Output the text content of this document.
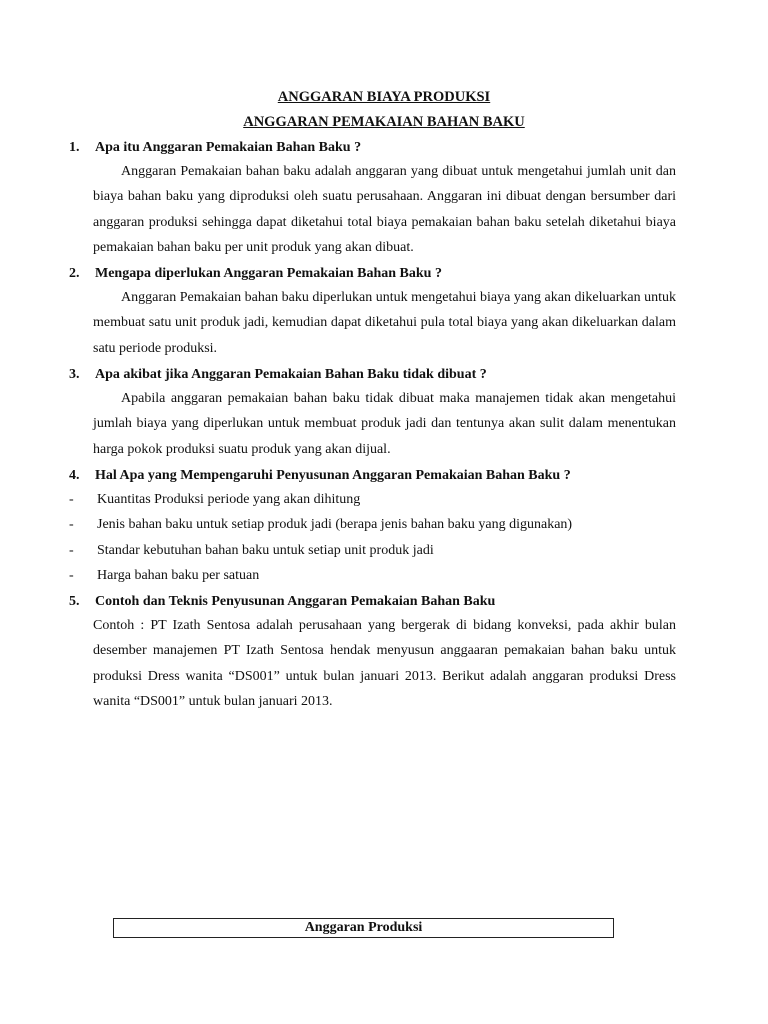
ANGGARAN BIAYA PRODUKSI
ANGGARAN PEMAKAIAN BAHAN BAKU
1. Apa itu Anggaran Pemakaian Bahan Baku ?
Anggaran Pemakaian bahan baku adalah anggaran yang dibuat untuk mengetahui jumlah unit dan biaya bahan baku yang diproduksi oleh suatu perusahaan. Anggaran ini dibuat dengan bersumber dari anggaran produksi sehingga dapat diketahui total biaya pemakaian bahan baku setelah diketahui biaya pemakaian bahan baku per unit produk yang akan dibuat.
2. Mengapa diperlukan Anggaran Pemakaian Bahan Baku ?
Anggaran Pemakaian bahan baku diperlukan untuk mengetahui biaya yang akan dikeluarkan untuk membuat satu unit produk jadi, kemudian dapat diketahui pula total biaya yang akan dikeluarkan dalam satu periode produksi.
3. Apa akibat jika Anggaran Pemakaian Bahan Baku tidak dibuat ?
Apabila anggaran pemakaian bahan baku tidak dibuat maka manajemen tidak akan mengetahui jumlah biaya yang diperlukan untuk membuat produk jadi dan tentunya akan sulit dalam menentukan harga pokok produksi suatu produk yang akan dijual.
4. Hal Apa yang Mempengaruhi Penyusunan Anggaran Pemakaian Bahan Baku ?
- Kuantitas Produksi periode yang akan dihitung
- Jenis bahan baku untuk setiap produk jadi (berapa jenis bahan baku yang digunakan)
- Standar kebutuhan bahan baku untuk setiap unit produk jadi
- Harga bahan baku per satuan
5. Contoh dan Teknis Penyusunan Anggaran Pemakaian Bahan Baku
Contoh : PT Izath Sentosa adalah perusahaan yang bergerak di bidang konveksi, pada akhir bulan desember manajemen PT Izath Sentosa hendak menyusun anggaaran pemakaian bahan baku untuk produksi Dress wanita “DS001” untuk bulan januari 2013. Berikut adalah anggaran produksi Dress wanita “DS001” untuk bulan januari 2013.
Anggaran Produksi
